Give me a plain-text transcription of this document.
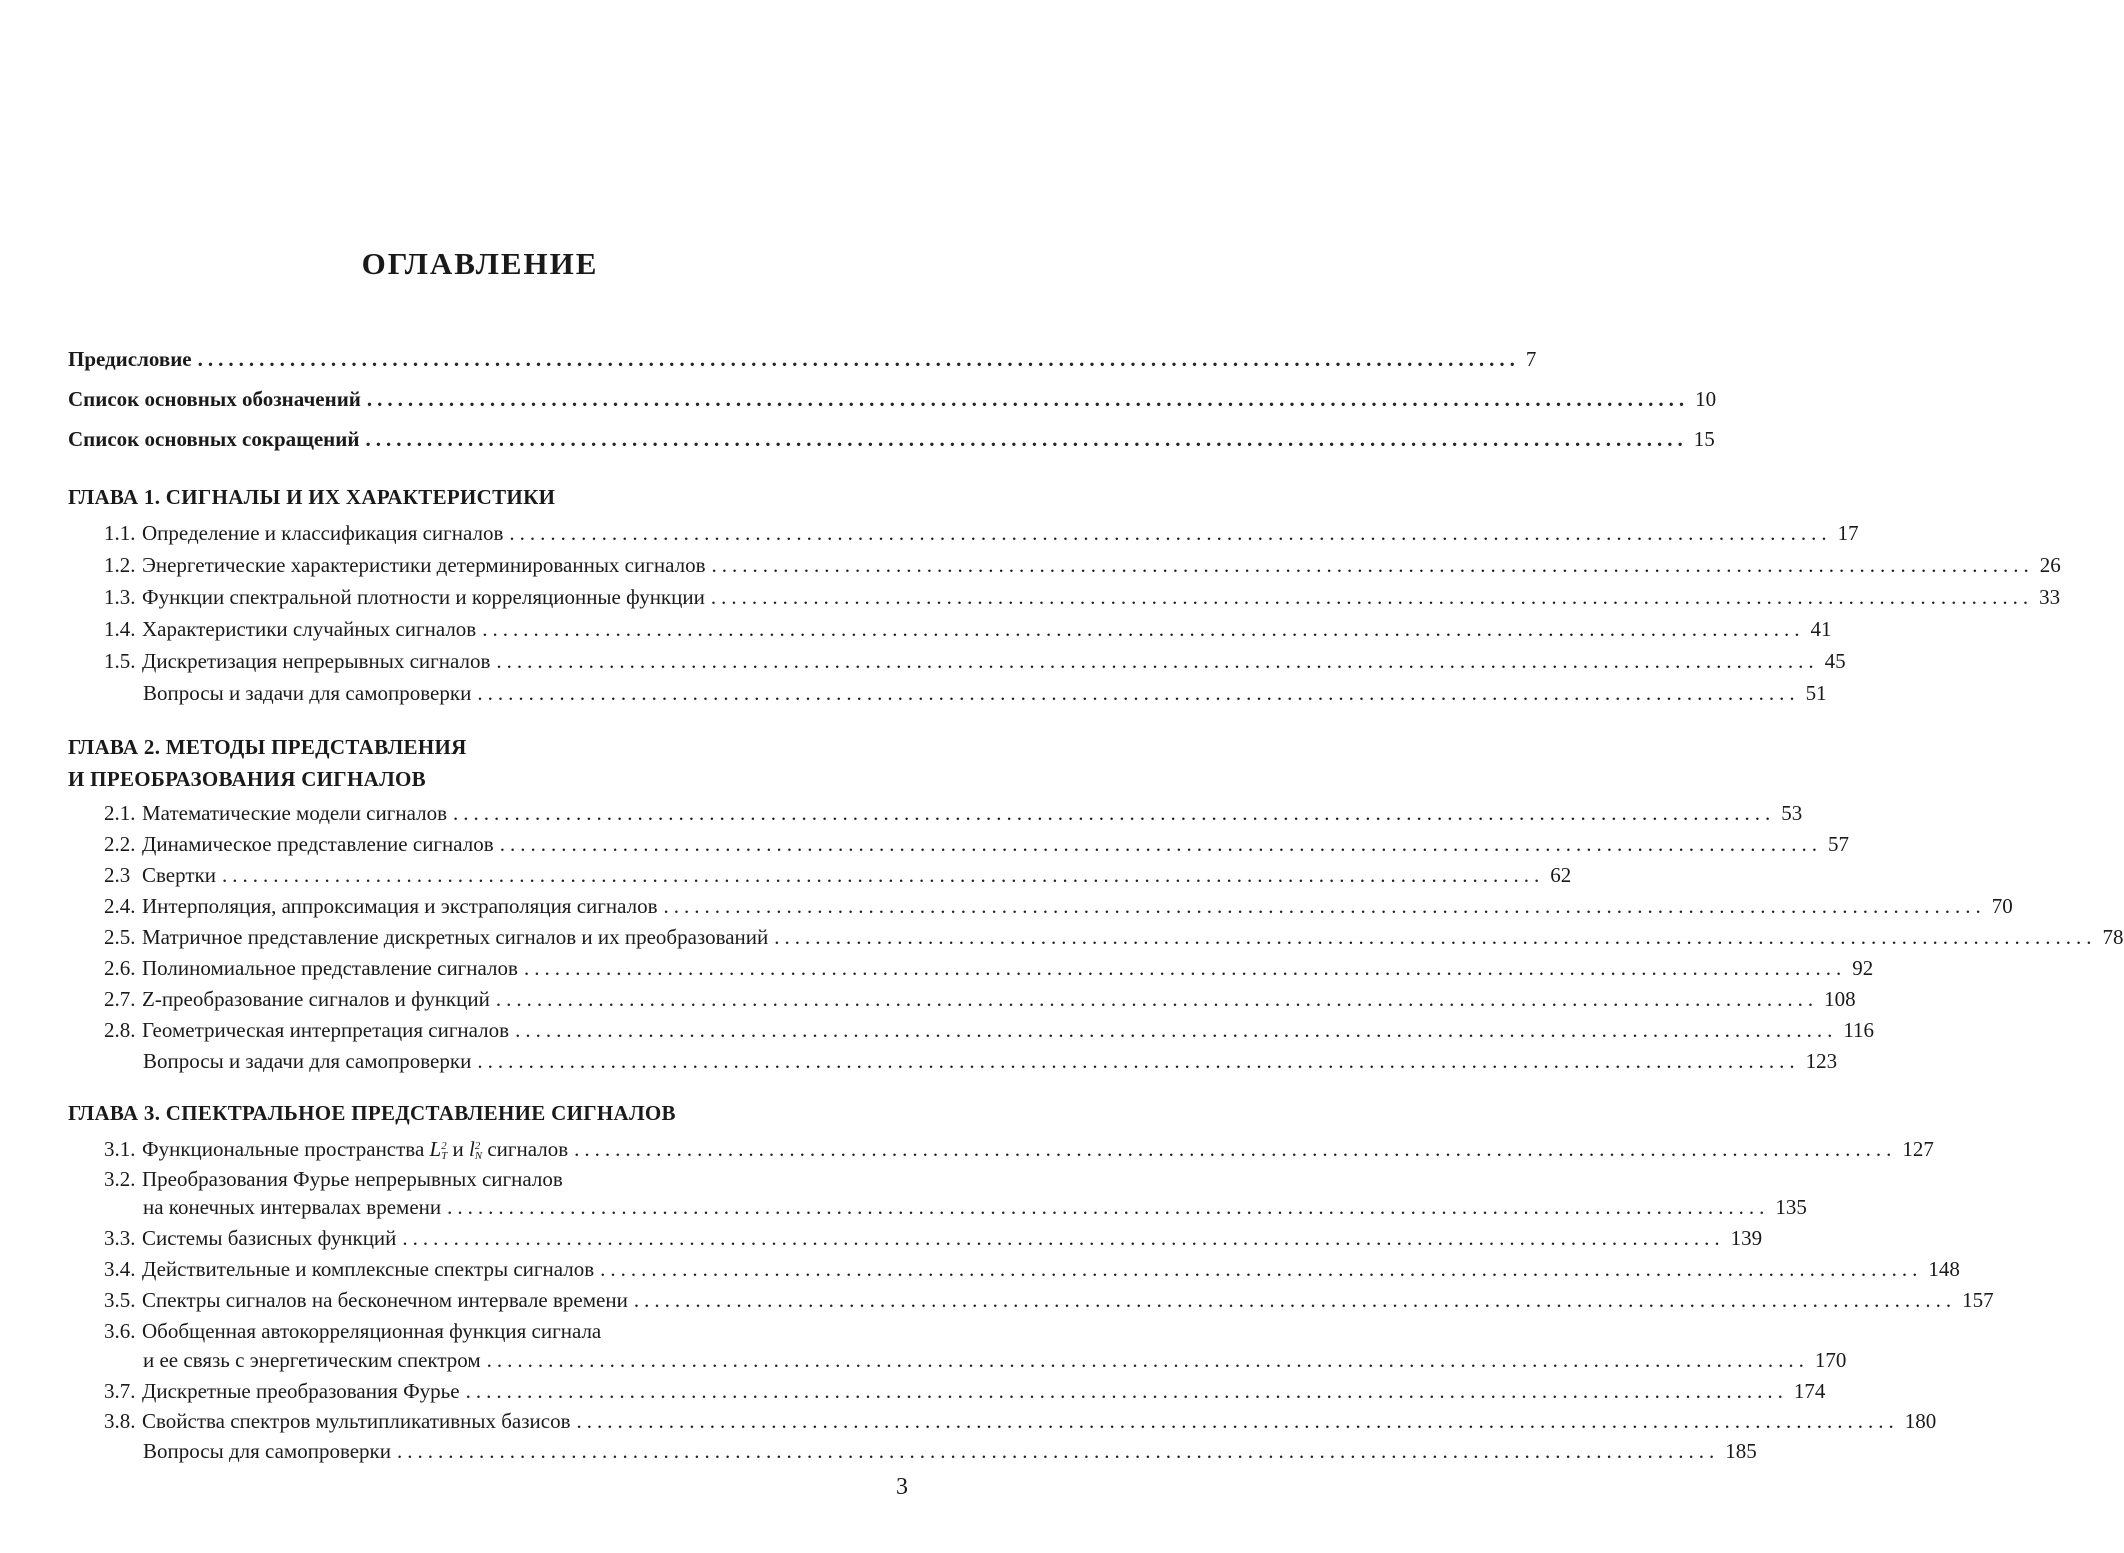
ОГЛАВЛЕНИЕ
Предисловие ................................................................................................................................. 7
Список основных обозначений ................................................................................................................................. 10
Список основных сокращений ................................................................................................................................. 15
ГЛАВА 1. СИГНАЛЫ И ИХ ХАРАКТЕРИСТИКИ
1.1. Определение и классификация сигналов ................................................................................................................................. 17
1.2. Энергетические характеристики детерминированных сигналов ................................................................................................................................. 26
1.3. Функции спектральной плотности и корреляционные функции ................................................................................................................................. 33
1.4. Характеристики случайных сигналов ................................................................................................................................. 41
1.5. Дискретизация непрерывных сигналов ................................................................................................................................. 45
Вопросы и задачи для самопроверки ................................................................................................................................. 51
ГЛАВА 2. МЕТОДЫ ПРЕДСТАВЛЕНИЯ
И ПРЕОБРАЗОВАНИЯ СИГНАЛОВ
2.1. Математические модели сигналов ................................................................................................................................. 53
2.2. Динамическое представление сигналов ................................................................................................................................. 57
2.3 Свертки ................................................................................................................................. 62
2.4. Интерполяция, аппроксимация и экстраполяция сигналов ................................................................................................................................. 70
2.5. Матричное представление дискретных сигналов и их преобразований ................................................................................................................................. 78
2.6. Полиномиальное представление сигналов ................................................................................................................................. 92
2.7. Z-преобразование сигналов и функций ................................................................................................................................. 108
2.8. Геометрическая интерпретация сигналов ................................................................................................................................. 116
Вопросы и задачи для самопроверки ................................................................................................................................. 123
ГЛАВА 3. СПЕКТРАЛЬНОЕ ПРЕДСТАВЛЕНИЕ СИГНАЛОВ
3.1. Функциональные пространства L 2
T и l 2
N сигналов ................................................................................................................................. 127
3.2. Преобразования Фурье непрерывных сигналов
на конечных интервалах времени ................................................................................................................................. 135
3.3. Системы базисных функций ................................................................................................................................. 139
3.4. Действительные и комплексные спектры сигналов ................................................................................................................................. 148
3.5. Спектры сигналов на бесконечном интервале времени ................................................................................................................................. 157
3.6. Обобщенная автокорреляционная функция сигнала
и ее связь с энергетическим спектром ................................................................................................................................. 170
3.7. Дискретные преобразования Фурье ................................................................................................................................. 174
3.8. Свойства спектров мультипликативных базисов ................................................................................................................................. 180
Вопросы для самопроверки ................................................................................................................................. 185
3
